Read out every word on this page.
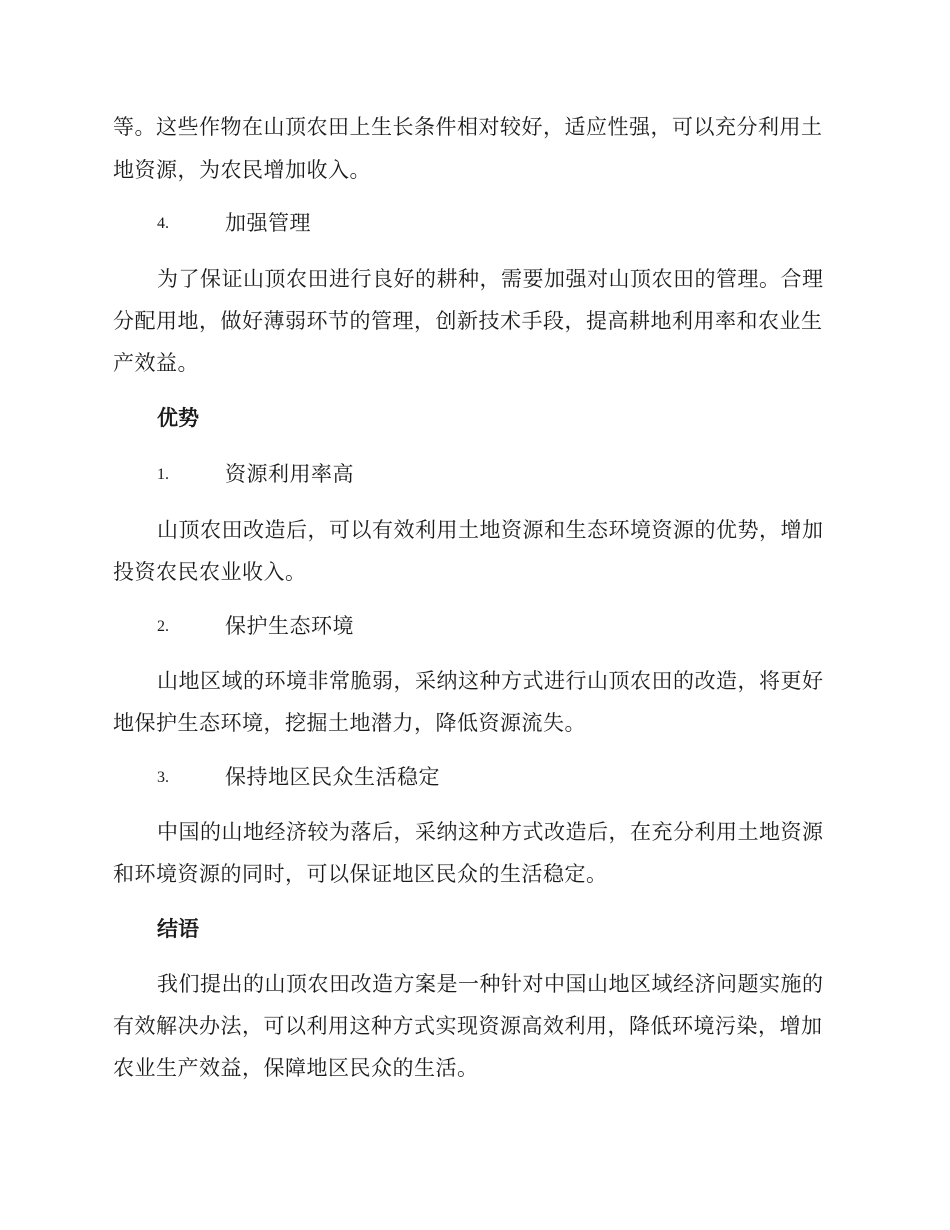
等。这些作物在山顶农田上生长条件相对较好，适应性强，可以充分利用土
地资源，为农民增加收入。
4.	加强管理
为了保证山顶农田进行良好的耕种，需要加强对山顶农田的管理。合理
分配用地，做好薄弱环节的管理，创新技术手段，提高耕地利用率和农业生
产效益。
优势
1.	资源利用率高
山顶农田改造后，可以有效利用土地资源和生态环境资源的优势，增加
投资农民农业收入。
2.	保护生态环境
山地区域的环境非常脆弱，采纳这种方式进行山顶农田的改造，将更好
地保护生态环境，挖掘土地潜力，降低资源流失。
3.	保持地区民众生活稳定
中国的山地经济较为落后，采纳这种方式改造后，在充分利用土地资源
和环境资源的同时，可以保证地区民众的生活稳定。
结语
我们提出的山顶农田改造方案是一种针对中国山地区域经济问题实施的
有效解决办法，可以利用这种方式实现资源高效利用，降低环境污染，增加
农业生产效益，保障地区民众的生活。
